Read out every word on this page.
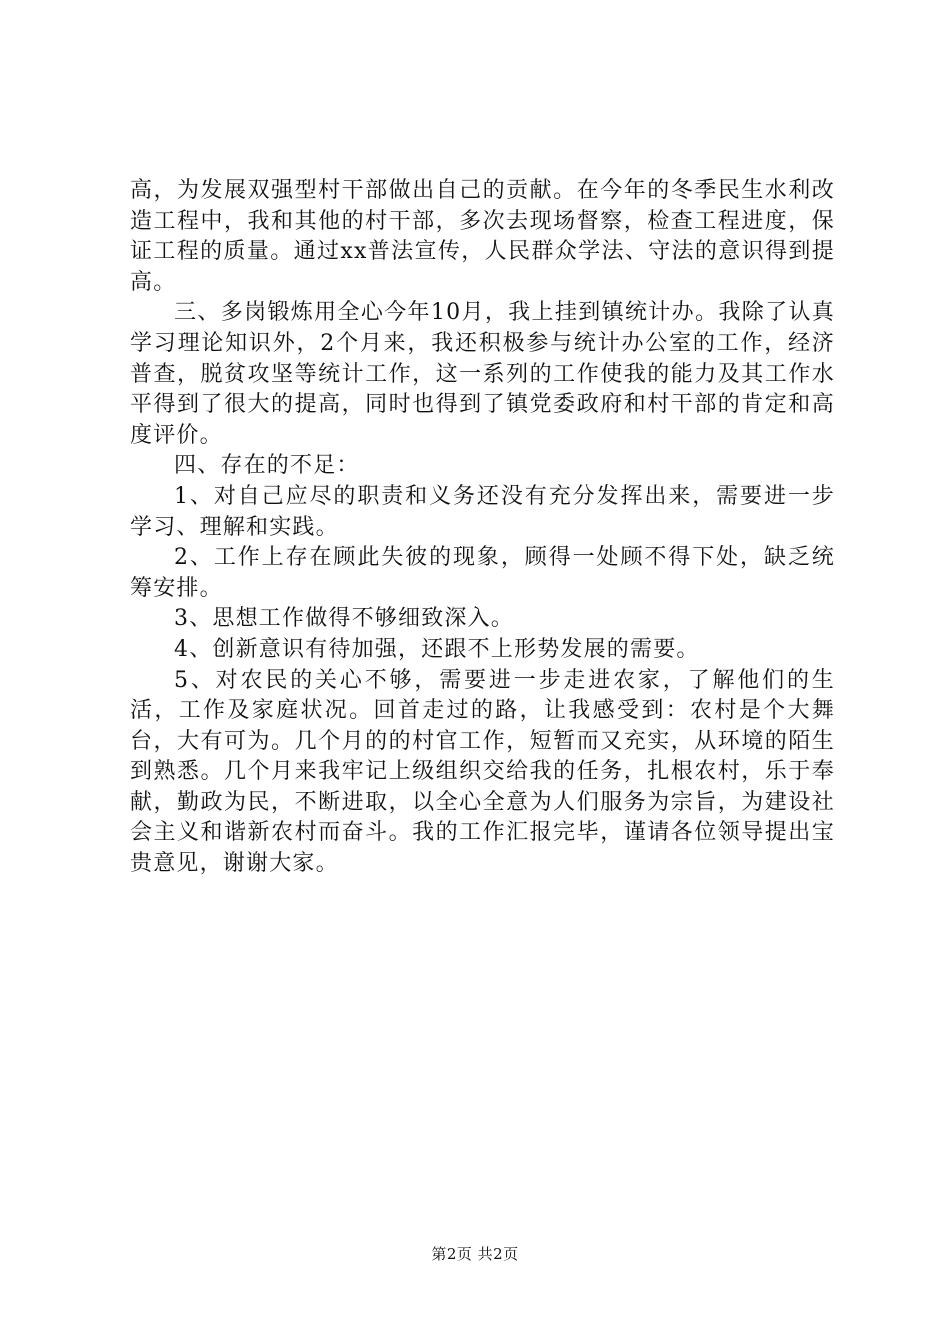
高，为发展双强型村干部做出自己的贡献。在今年的冬季民生水利改造工程中，我和其他的村干部，多次去现场督察，检查工程进度，保证工程的质量。通过xx普法宣传，人民群众学法、守法的意识得到提高。

三、多岗锻炼用全心今年10月，我上挂到镇统计办。我除了认真学习理论知识外，2个月来，我还积极参与统计办公室的工作，经济普查，脱贫攻坚等统计工作，这一系列的工作使我的能力及其工作水平得到了很大的提高，同时也得到了镇党委政府和村干部的肯定和高度评价。

四、存在的不足：

1、对自己应尽的职责和义务还没有充分发挥出来，需要进一步学习、理解和实践。

2、工作上存在顾此失彼的现象，顾得一处顾不得下处，缺乏统筹安排。

3、思想工作做得不够细致深入。

4、创新意识有待加强，还跟不上形势发展的需要。

5、对农民的关心不够，需要进一步走进农家，了解他们的生活，工作及家庭状况。回首走过的路，让我感受到：农村是个大舞台，大有可为。几个月的的村官工作，短暂而又充实，从环境的陌生到熟悉。几个月来我牢记上级组织交给我的任务，扎根农村，乐于奉献，勤政为民，不断进取，以全心全意为人们服务为宗旨，为建设社会主义和谐新农村而奋斗。我的工作汇报完毕，谨请各位领导提出宝贵意见，谢谢大家。

第2页 共2页
